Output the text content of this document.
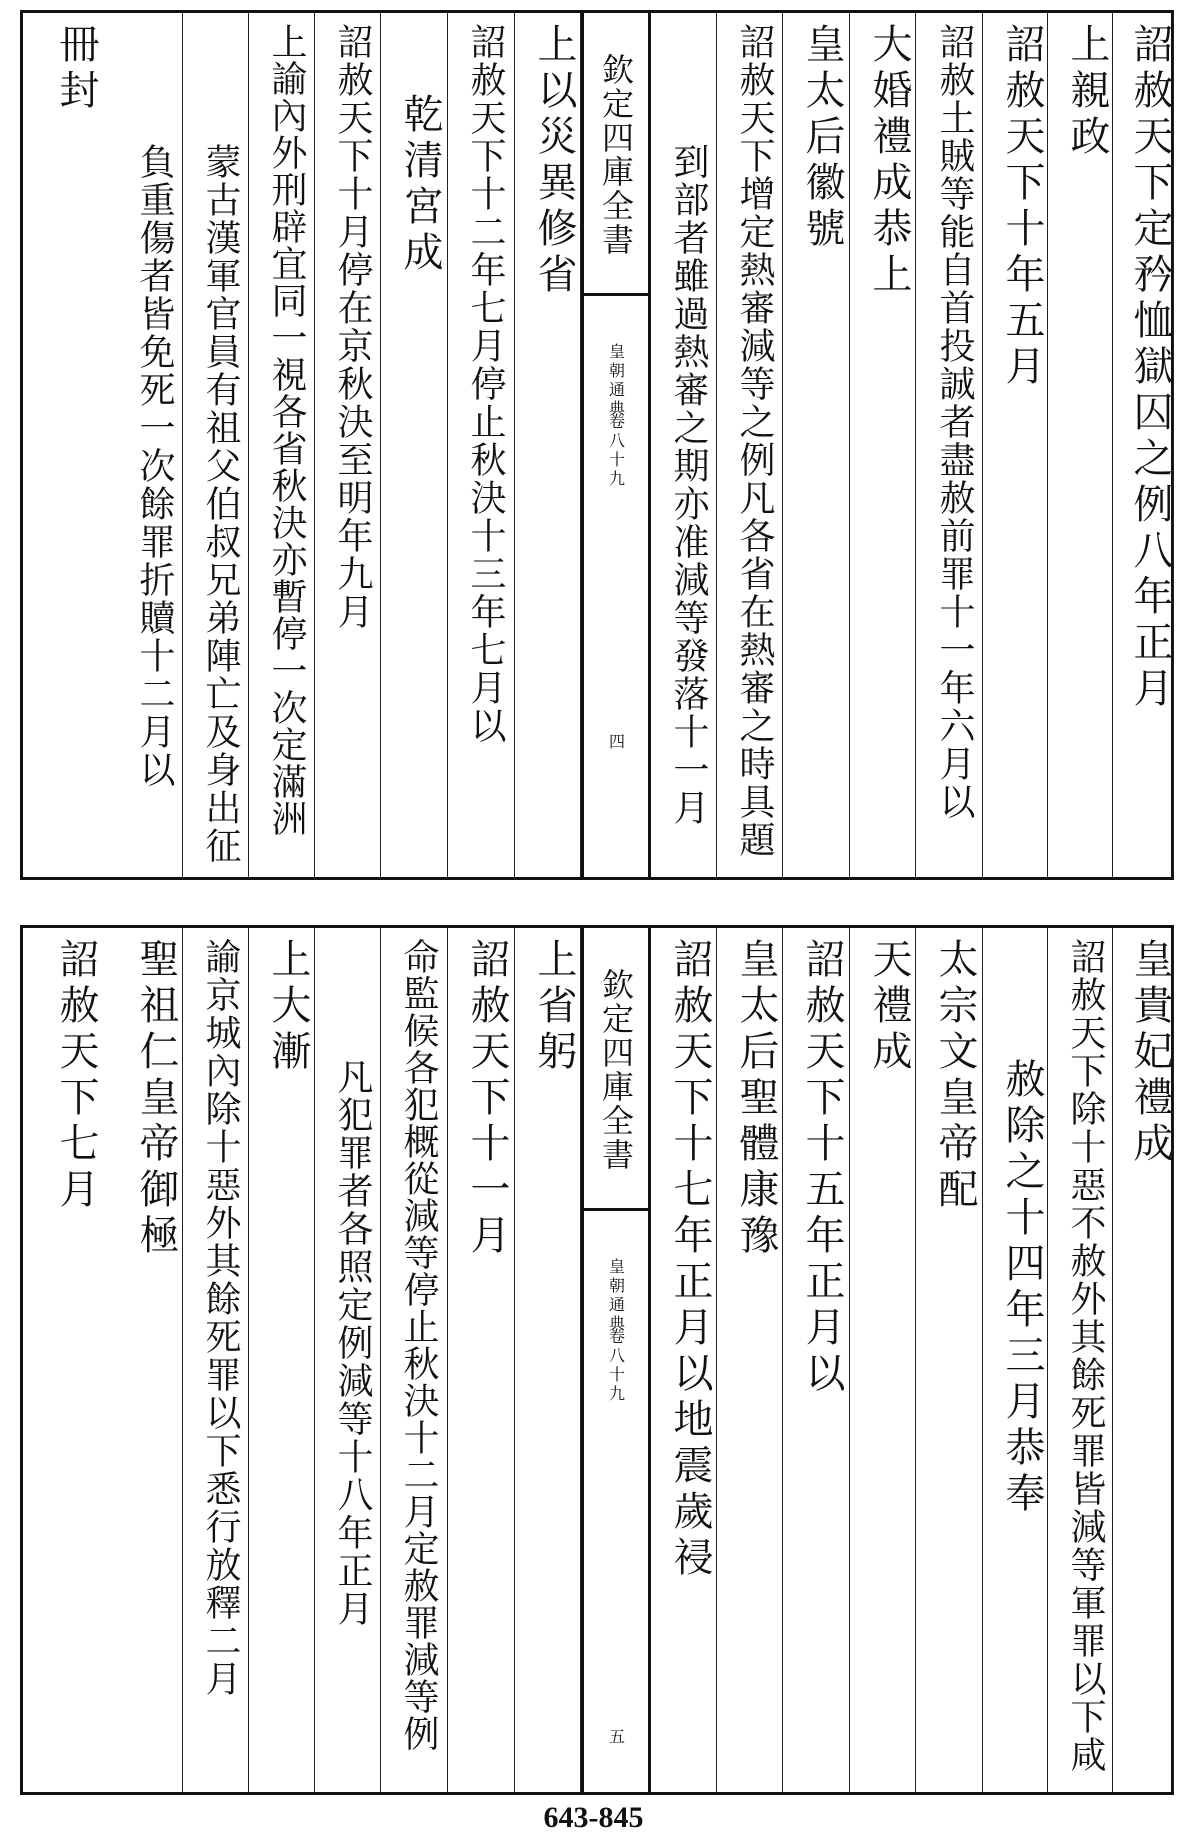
詔赦天下定矜恤獄囚之例八年正月
上親政
詔赦天下十年五月
詔赦土賊等能自首投誠者盡赦前罪十一年六月以
大婚禮成恭上
皇太后徽號
詔赦天下增定熱審減等之例凡各省在熱審之時具題
到部者雖過熱審之期亦准減等發落十一月
欽定四庫全書
皇朝通典
卷八十九
四
上以災異修省
詔赦天下十二年七月停止秋決十三年七月以
乾清宮成
詔赦天下十月停在京秋決至明年九月
上諭內外刑辟宜同一視各省秋決亦暫停一次定滿洲
蒙古漢軍官員有祖父伯叔兄弟陣亡及身出征
負重傷者皆免死一次餘罪折贖十二月以
冊封
皇貴妃禮成
詔赦天下除十惡不赦外其餘死罪皆減等軍罪以下咸
赦除之十四年三月恭奉
太宗文皇帝配
天禮成
詔赦天下十五年正月以
皇太后聖體康豫
詔赦天下十七年正月以地震歲祲
欽定四庫全書
皇朝通典
卷八十九
五
上省躬
詔赦天下十一月
命監候各犯概從減等停止秋決十二月定赦罪減等例
凡犯罪者各照定例減等十八年正月
上大漸
諭京城內除十惡外其餘死罪以下悉行放釋二月
聖祖仁皇帝御極
詔赦天下七月
643-845
